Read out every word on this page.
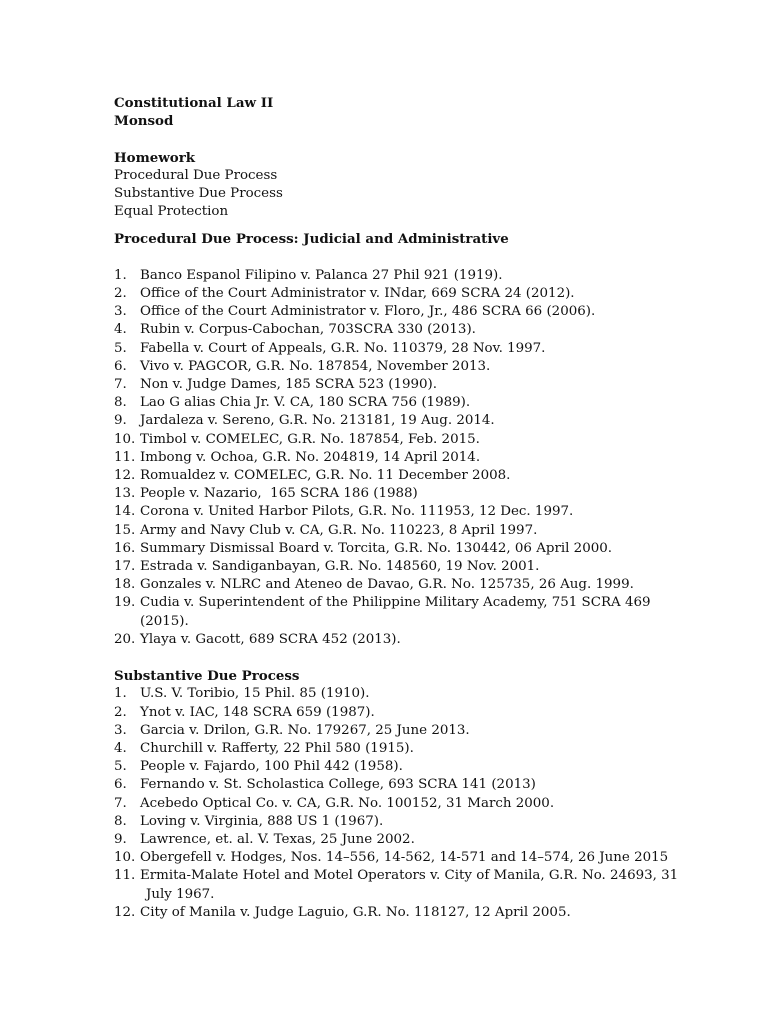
Constitutional Law II
Monsod
Homework
Procedural Due Process
Substantive Due Process
Equal Protection
Procedural Due Process: Judicial and Administrative
1. Banco Espanol Filipino v. Palanca 27 Phil 921 (1919).
2. Office of the Court Administrator v. INdar, 669 SCRA 24 (2012).
3. Office of the Court Administrator v. Floro, Jr., 486 SCRA 66 (2006).
4. Rubin v. Corpus-Cabochan, 703SCRA 330 (2013).
5. Fabella v. Court of Appeals, G.R. No. 110379, 28 Nov. 1997.
6. Vivo v. PAGCOR, G.R. No. 187854, November 2013.
7. Non v. Judge Dames, 185 SCRA 523 (1990).
8. Lao G alias Chia Jr. V. CA, 180 SCRA 756 (1989).
9. Jardaleza v. Sereno, G.R. No. 213181, 19 Aug. 2014.
10. Timbol v. COMELEC, G.R. No. 187854, Feb. 2015.
11. Imbong v. Ochoa, G.R. No. 204819, 14 April 2014.
12. Romualdez v. COMELEC, G.R. No. 11 December 2008.
13. People v. Nazario,  165 SCRA 186 (1988)
14. Corona v. United Harbor Pilots, G.R. No. 111953, 12 Dec. 1997.
15. Army and Navy Club v. CA, G.R. No. 110223, 8 April 1997.
16. Summary Dismissal Board v. Torcita, G.R. No. 130442, 06 April 2000.
17. Estrada v. Sandiganbayan, G.R. No. 148560, 19 Nov. 2001.
18. Gonzales v. NLRC and Ateneo de Davao, G.R. No. 125735, 26 Aug. 1999.
19. Cudia v. Superintendent of the Philippine Military Academy, 751 SCRA 469
(2015).
20. Ylaya v. Gacott, 689 SCRA 452 (2013).
Substantive Due Process
1. U.S. V. Toribio, 15 Phil. 85 (1910).
2. Ynot v. IAC, 148 SCRA 659 (1987).
3. Garcia v. Drilon, G.R. No. 179267, 25 June 2013.
4. Churchill v. Rafferty, 22 Phil 580 (1915).
5. People v. Fajardo, 100 Phil 442 (1958).
6. Fernando v. St. Scholastica College, 693 SCRA 141 (2013)
7. Acebedo Optical Co. v. CA, G.R. No. 100152, 31 March 2000.
8. Loving v. Virginia, 888 US 1 (1967).
9. Lawrence, et. al. V. Texas, 25 June 2002.
10. Obergefell v. Hodges, Nos. 14–556, 14-562, 14-571 and 14–574, 26 June 2015
11. Ermita-Malate Hotel and Motel Operators v. City of Manila, G.R. No. 24693, 31
July 1967.
12. City of Manila v. Judge Laguio, G.R. No. 118127, 12 April 2005.
